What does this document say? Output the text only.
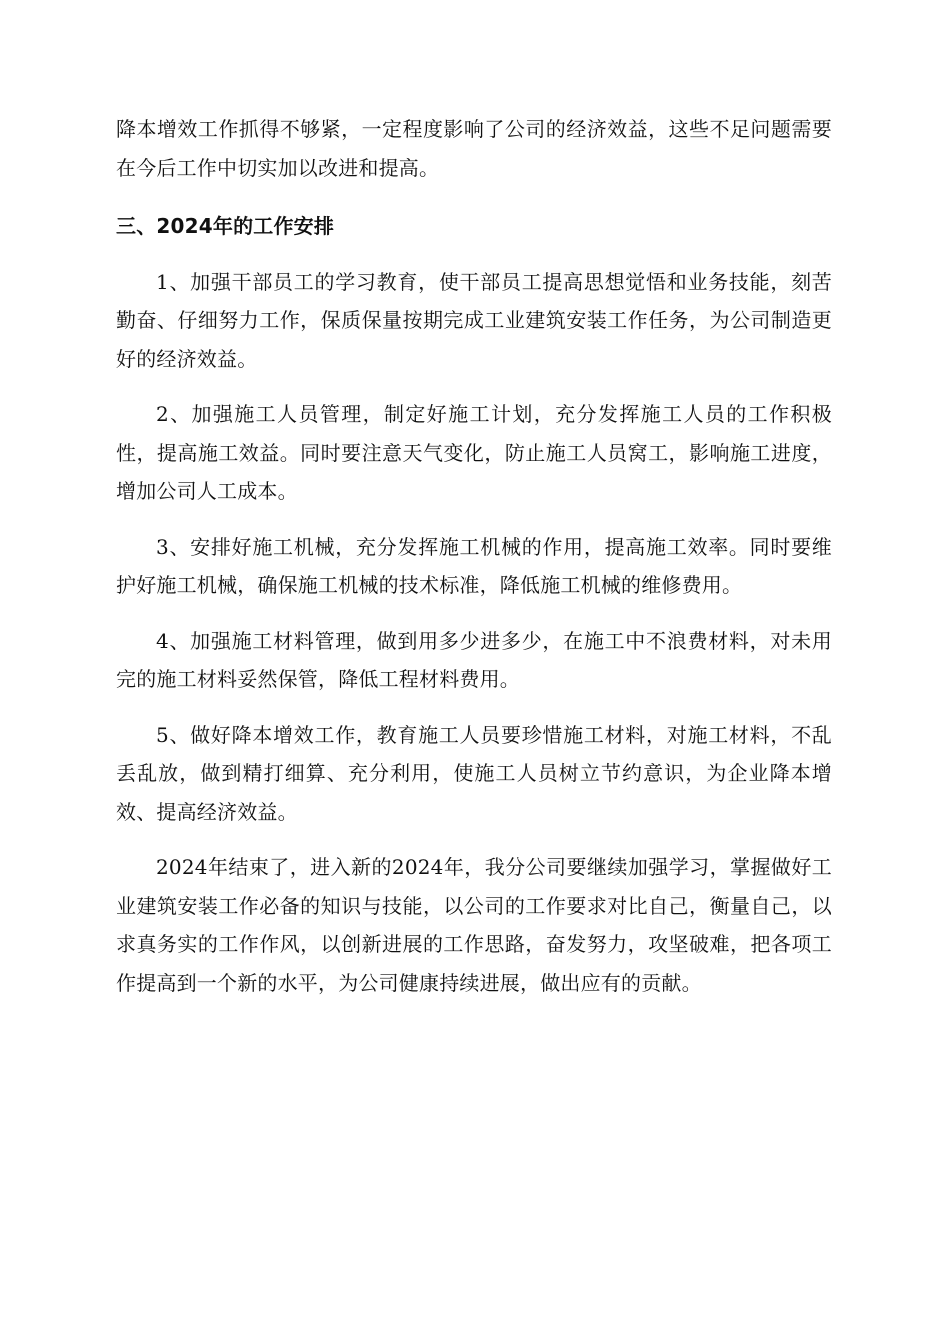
降本增效工作抓得不够紧，一定程度影响了公司的经济效益，这些不足问题需要在今后工作中切实加以改进和提高。

三、2024年的工作安排

1、加强干部员工的学习教育，使干部员工提高思想觉悟和业务技能，刻苦勤奋、仔细努力工作，保质保量按期完成工业建筑安装工作任务，为公司制造更好的经济效益。

2、加强施工人员管理，制定好施工计划，充分发挥施工人员的工作积极性，提高施工效益。同时要注意天气变化，防止施工人员窝工，影响施工进度，增加公司人工成本。

3、安排好施工机械，充分发挥施工机械的作用，提高施工效率。同时要维护好施工机械，确保施工机械的技术标准，降低施工机械的维修费用。

4、加强施工材料管理，做到用多少进多少，在施工中不浪费材料，对未用完的施工材料妥然保管，降低工程材料费用。

5、做好降本增效工作，教育施工人员要珍惜施工材料，对施工材料，不乱丢乱放，做到精打细算、充分利用，使施工人员树立节约意识，为企业降本增效、提高经济效益。

2024年结束了，进入新的2024年，我分公司要继续加强学习，掌握做好工业建筑安装工作必备的知识与技能，以公司的工作要求对比自己，衡量自己，以求真务实的工作作风，以创新进展的工作思路，奋发努力，攻坚破难，把各项工作提高到一个新的水平，为公司健康持续进展，做出应有的贡献。
